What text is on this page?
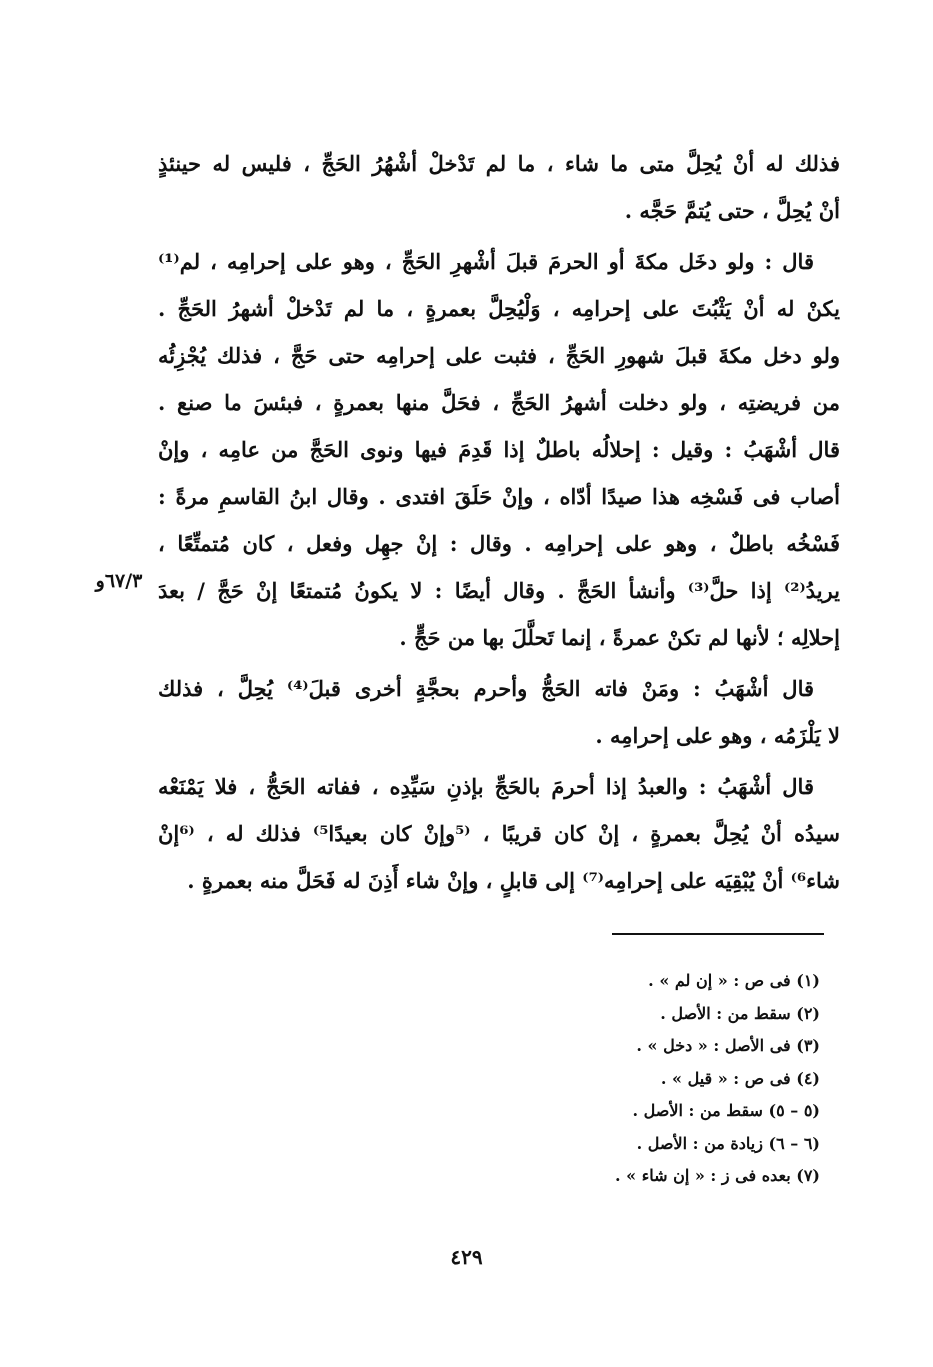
فذلك له أنْ يُحِلَّ متى ما شاء ، ما لم تَدْخلْ أشْهُرُ الحَجِّ ، فليس له حينئذٍ
أنْ يُحِلَّ ، حتى يُتمَّ حَجَّه .

قال : ولو دخَل مكةَ أو الحرمَ قبلَ أشْهرِ الحَجِّ ، وهو على إحرامِه ، لم⁽¹⁾
يكنْ له أنْ يَثْبُتَ على إحرامِه ، وَلْيُحِلَّ بعمرةٍ ، ما لم تَدْخلْ أشهرُ الحَجِّ .
ولو دخل مكةَ قبلَ شهورِ الحَجِّ ، فثبت على إحرامِه حتى حَجَّ ، فذلك يُجْزِئُه
من فريضتِه ، ولو دخلت أشهرُ الحَجِّ ، فحَلَّ منها بعمرةٍ ، فبئسَ ما صنع .
قال أشْهَبُ : وقيل : إحلالُه باطلٌ إذا قَدِمَ فيها ونوى الحَجَّ من عامِه ، وإنْ
أصاب فى فَسْخِه هذا صيدًا أدّاه ، وإنْ حَلَقَ افتدى . وقال ابنُ القاسمِ مرةً :
فَسْخُه باطلٌ ، وهو على إحرامِه . وقال : إنْ جهِل وفعل ، كان مُتمتِّعًا ،
يريدُ⁽²⁾ إذا حلَّ⁽³⁾ وأنشأ الحَجَّ . وقال أيضًا : لا يكونُ مُتمتعًا إنْ حَجَّ / بعدَ
إحلالِه ؛ لأنها لم تكنْ عمرةً ، إنما تَحلَّلَ بها من حَجٍّ .

قال أشْهَبُ : ومَنْ فاته الحَجُّ وأحرم بحجَّةٍ أخرى قبلَ⁽⁴⁾ يُحِلَّ ، فذلك
لا يَلْزَمُه ، وهو على إحرامِه .

قال أشْهَبُ : والعبدُ إذا أحرمَ بالحَجِّ بإذنِ سَيِّدِه ، ففاته الحَجُّ ، فلا يَمْنَعْه
سيدُه أنْ يُحِلَّ بعمرةٍ ، إنْ كان قريبًا ، ⁽⁵وإنْ كان بعيدًا⁵⁾ فذلك له ، ⁽⁶إنْ
شاء⁶⁾ أنْ يُبْقِيَه على إحرامِه⁽⁷⁾ إلى قابلٍ ، وإنْ شاء أَذِنَ له فَحَلَّ منه بعمرةٍ .

٦٧/٣و
(١) فى ص : « إن لم » .
(٢) سقط من : الأصل .
(٣) فى الأصل : « دخل » .
(٤) فى ص : « قيل » .
(٥ – ٥) سقط من : الأصل .
(٦ – ٦) زيادة من : الأصل .
(٧) بعده فى ز : « إن شاء » .
٤٢٩
